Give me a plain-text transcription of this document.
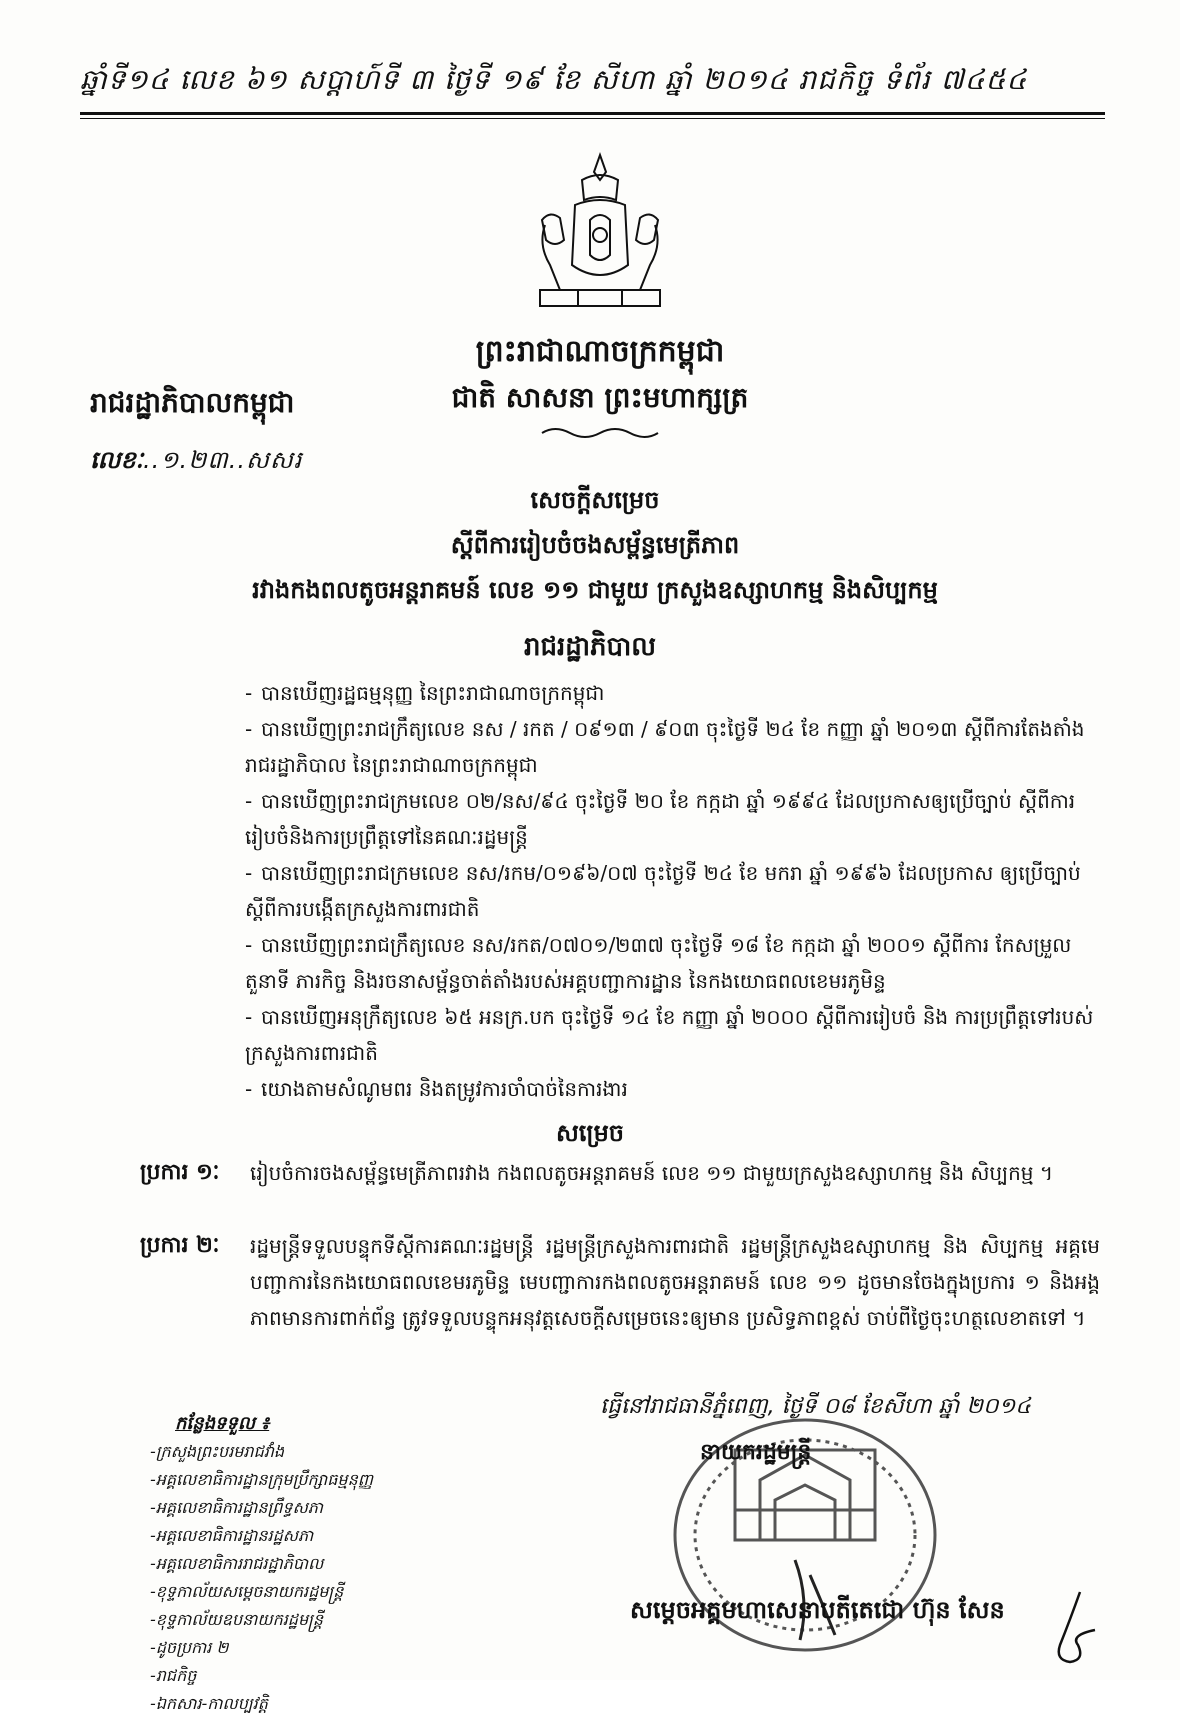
ឆ្នាំទី១៤ លេខ ៦១ សប្តាហ៍ទី ៣ ថ្ងៃទី ១៩ ខែ សីហា ឆ្នាំ ២០១៤ រាជកិច្ច ទំព័រ ៧៤៥៤
ព្រះរាជាណាចក្រកម្ពុជា
ជាតិ សាសនា ព្រះមហាក្សត្រ
រាជរដ្ឋាភិបាលកម្ពុជា
លេខៈ..១.២៣..សសរ
សេចក្តីសម្រេច
ស្តីពីការរៀបចំចងសម្ព័ន្ធមេត្រីភាព
រវាងកងពលតូចអន្តរាគមន៍ លេខ ១១ ជាមួយ ក្រសួងឧស្សាហកម្ម និងសិប្បកម្ម
រាជរដ្ឋាភិបាល

- បានឃើញរដ្ឋធម្មនុញ្ញ នៃព្រះរាជាណាចក្រកម្ពុជា

- បានឃើញព្រះរាជក្រឹត្យលេខ នស / រកត / ០៩១៣ / ៩០៣ ចុះថ្ងៃទី ២៤ ខែ កញ្ញា ឆ្នាំ ២០១៣ ស្តីពីការតែងតាំងរាជរដ្ឋាភិបាល នៃព្រះរាជាណាចក្រកម្ពុជា

- បានឃើញព្រះរាជក្រមលេខ ០២/នស/៩៤ ចុះថ្ងៃទី ២០ ខែ កក្កដា ឆ្នាំ ១៩៩៤ ដែលប្រកាសឲ្យប្រើច្បាប់ ស្តីពីការរៀបចំនិងការប្រព្រឹត្តទៅនៃគណៈរដ្ឋមន្ត្រី

- បានឃើញព្រះរាជក្រមលេខ នស/រកម/០១៩៦/០៧ ចុះថ្ងៃទី ២៤ ខែ មករា ឆ្នាំ ១៩៩៦ ដែលប្រកាស ឲ្យប្រើច្បាប់ ស្តីពីការបង្កើតក្រសួងការពារជាតិ

- បានឃើញព្រះរាជក្រឹត្យលេខ នស/រកត/០៧០១/២៣៧ ចុះថ្ងៃទី ១៨ ខែ កក្កដា ឆ្នាំ ២០០១ ស្តីពីការ កែសម្រួលតួនាទី ភារកិច្ច និងរចនាសម្ព័ន្ធចាត់តាំងរបស់អគ្គបញ្ជាការដ្ឋាន នៃកងយោធពលខេមរភូមិន្ទ

- បានឃើញអនុក្រឹត្យលេខ ៦៥ អនក្រ.បក ចុះថ្ងៃទី ១៤ ខែ កញ្ញា ឆ្នាំ ២០០០ ស្តីពីការរៀបចំ និង ការប្រព្រឹត្តទៅរបស់ក្រសួងការពារជាតិ

- យោងតាមសំណូមពរ និងតម្រូវការចាំបាច់នៃការងារ

សម្រេច
ប្រការ ១ៈ	រៀបចំការចងសម្ព័ន្ធមេត្រីភាពរវាង កងពលតូចអន្តរាគមន៍ លេខ ១១ ជាមួយក្រសួងឧស្សាហកម្ម និង សិប្បកម្ម ។
ប្រការ ២ៈ	រដ្ឋមន្ត្រីទទួលបន្ទុកទីស្តីការគណៈរដ្ឋមន្ត្រី រដ្ឋមន្ត្រីក្រសួងការពារជាតិ រដ្ឋមន្ត្រីក្រសួងឧស្សាហកម្ម និង សិប្បកម្ម អគ្គមេបញ្ជាការនៃកងយោធពលខេមរភូមិន្ទ មេបញ្ជាការកងពលតូចអន្តរាគមន៍ លេខ ១១ ដូចមានចែងក្នុងប្រការ ១ និងអង្គភាពមានការពាក់ព័ន្ធ ត្រូវទទួលបន្ទុកអនុវត្តសេចក្តីសម្រេចនេះឲ្យមាន ប្រសិទ្ធភាពខ្ពស់ ចាប់ពីថ្ងៃចុះហត្ថលេខាតទៅ ។
ធ្វើនៅរាជធានីភ្នំពេញ, ថ្ងៃទី ០៨ ខែសីហា ឆ្នាំ ២០១៤
នាយករដ្ឋមន្ត្រី
សម្តេចអគ្គមហាសេនាបតីតេជោ ហ៊ុន សែន
កន្លែងទទួល ៖
-ក្រសួងព្រះបរមរាជវាំង
-អគ្គលេខាធិការដ្ឋានក្រុមប្រឹក្សាធម្មនុញ្ញ
-អគ្គលេខាធិការដ្ឋានព្រឹទ្ធសភា
-អគ្គលេខាធិការដ្ឋានរដ្ឋសភា
-អគ្គលេខាធិការរាជរដ្ឋាភិបាល
-ខុទ្ទកាល័យសម្តេចនាយករដ្ឋមន្ត្រី
-ខុទ្ទកាល័យឧបនាយករដ្ឋមន្ត្រី
-ដូចប្រការ ២
-រាជកិច្ច
-ឯកសារ-កាលប្បវត្តិ
